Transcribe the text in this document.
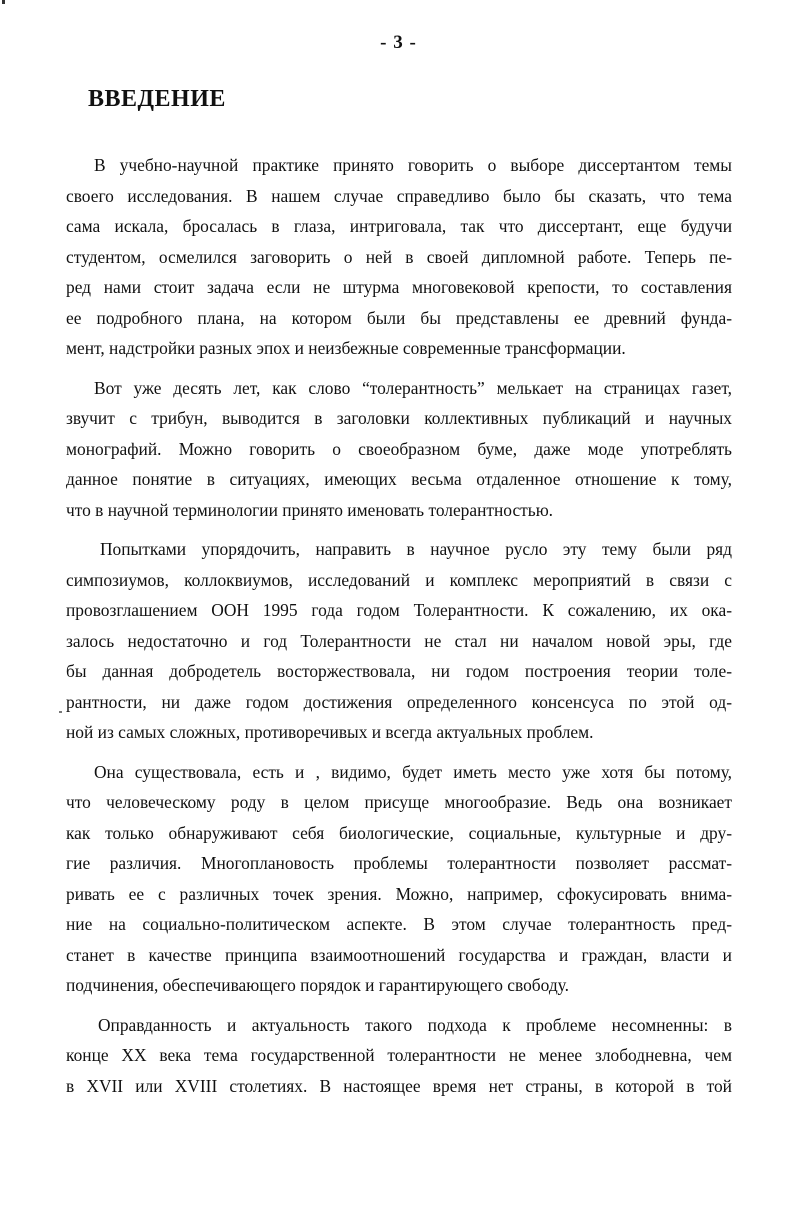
- 3 -
ВВЕДЕНИЕ

В учебно-научной практике принято говорить о выборе диссертантом темы
своего исследования. В нашем случае справедливо было бы сказать, что тема
сама искала, бросалась в глаза, интриговала, так что диссертант, еще будучи
студентом, осмелился заговорить о ней в своей дипломной работе. Теперь пе-
ред нами стоит задача если не штурма многовековой крепости, то составления
ее подробного плана, на котором были бы представлены ее древний фунда-
мент, надстройки разных эпох и неизбежные современные трансформации.

Вот уже десять лет, как слово “толерантность” мелькает на страницах газет,
звучит с трибун, выводится в заголовки коллективных публикаций и научных
монографий. Можно говорить о своеобразном буме, даже моде употреблять
данное понятие в ситуациях, имеющих весьма отдаленное отношение к тому,
что в научной терминологии принято именовать толерантностью.

Попытками упорядочить, направить в научное русло эту тему были ряд
симпозиумов, коллоквиумов, исследований и комплекс мероприятий в связи с
провозглашением ООН 1995 года годом Толерантности. К сожалению, их ока-
залось недостаточно и год Толерантности не стал ни началом новой эры, где
бы данная добродетель восторжествовала, ни годом построения теории толе-
рантности, ни даже годом достижения определенного консенсуса по этой од-
ной из самых сложных, противоречивых и всегда актуальных проблем.

Она существовала, есть и , видимо, будет иметь место уже хотя бы потому,
что человеческому роду в целом присуще многообразие. Ведь она возникает
как только обнаруживают себя биологические, социальные, культурные и дру-
гие различия. Многоплановость проблемы толерантности позволяет рассмат-
ривать ее с различных точек зрения. Можно, например, сфокусировать внима-
ние на социально-политическом аспекте. В этом случае толерантность пред-
станет в качестве принципа взаимоотношений государства и граждан, власти и
подчинения, обеспечивающего порядок и гарантирующего свободу.

Оправданность и актуальность такого подхода к проблеме несомненны: в
конце XX века тема государственной толерантности не менее злободневна, чем
в XVII или XVIII столетиях. В настоящее время нет страны, в которой в той
